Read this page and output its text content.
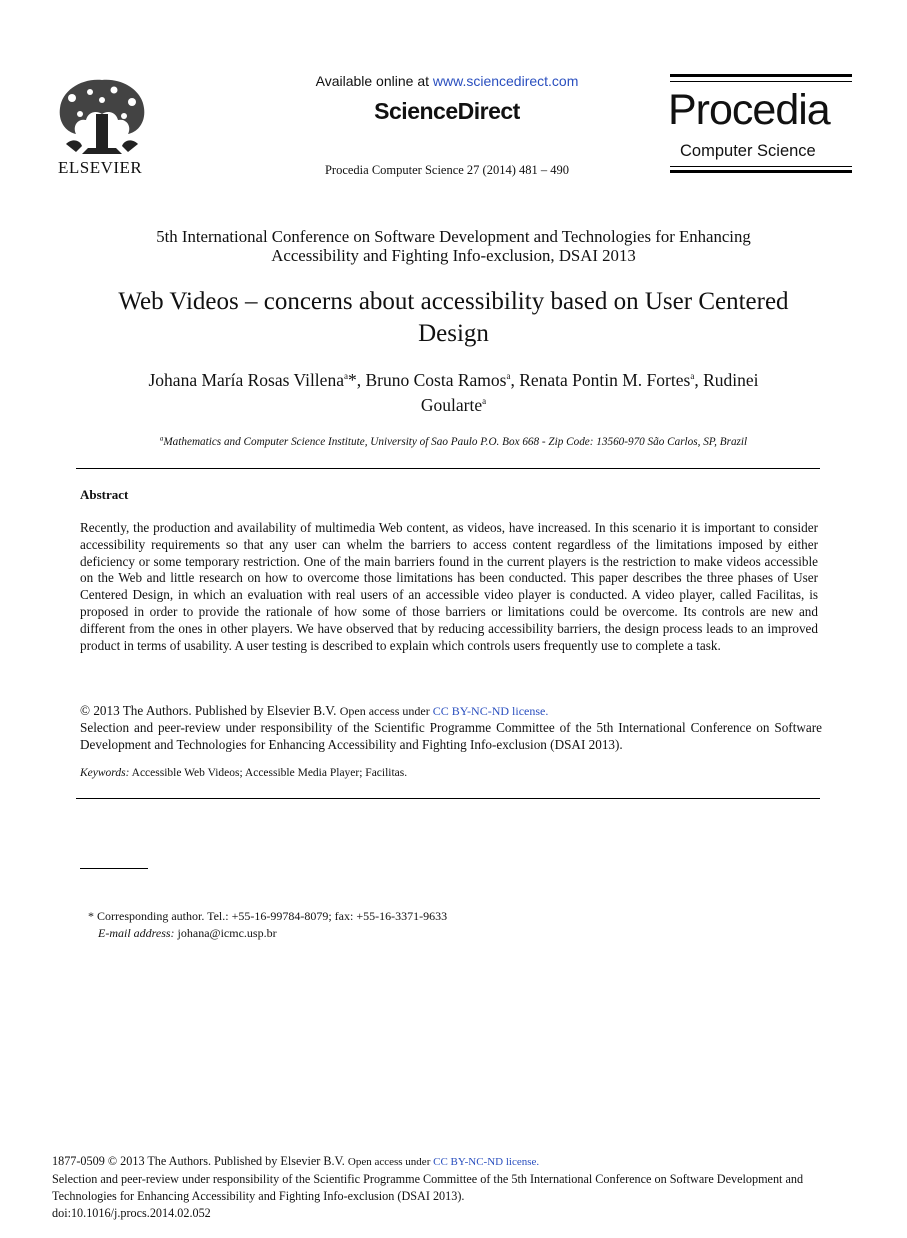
ELSEVIER
Available online at www.sciencedirect.com
ScienceDirect
Procedia Computer Science 27 (2014) 481 – 490
Procedia
Computer Science
5th International Conference on Software Development and Technologies for Enhancing
Accessibility and Fighting Info-exclusion, DSAI 2013
Web Videos – concerns about accessibility based on User Centered
Design
Johana María Rosas Villena$^a$*, Bruno Costa Ramos$^a$, Renata Pontin M. Fortes$^a$, Rudinei
Goularte$^a$
$^a$Mathematics and Computer Science Institute, University of Sao Paulo P.O. Box 668 - Zip Code: 13560-970 São Carlos, SP, Brazil
Abstract
Recently, the production and availability of multimedia Web content, as videos, have increased. In this scenario it is important to consider accessibility requirements so that any user can whelm the barriers to access content regardless of the limitations imposed by either deficiency or some temporary restriction. One of the main barriers found in the current players is the restriction to make videos accessible on the Web and little research on how to overcome those limitations has been conducted. This paper describes the three phases of User Centered Design, in which an evaluation with real users of an accessible video player is conducted. A video player, called Facilitas, is proposed in order to provide the rationale of how some of those barriers or limitations could be overcome. Its controls are new and different from the ones in other players. We have observed that by reducing accessibility barriers, the design process leads to an improved product in terms of usability. A user testing is described to explain which controls users frequently use to complete a task.
© 2013 The Authors. Published by Elsevier B.V. Open access under CC BY-NC-ND license.
Selection and peer-review under responsibility of the Scientific Programme Committee of the 5th International Conference on Software Development and Technologies for Enhancing Accessibility and Fighting Info-exclusion (DSAI 2013).
Keywords: Accessible Web Videos; Accessible Media Player; Facilitas.
* Corresponding author. Tel.: +55-16-99784-8079; fax: +55-16-3371-9633
E-mail address: johana@icmc.usp.br
1877-0509 © 2013 The Authors. Published by Elsevier B.V. Open access under CC BY-NC-ND license.
Selection and peer-review under responsibility of the Scientific Programme Committee of the 5th International Conference on Software Development and Technologies for Enhancing Accessibility and Fighting Info-exclusion (DSAI 2013).
doi:10.1016/j.procs.2014.02.052
